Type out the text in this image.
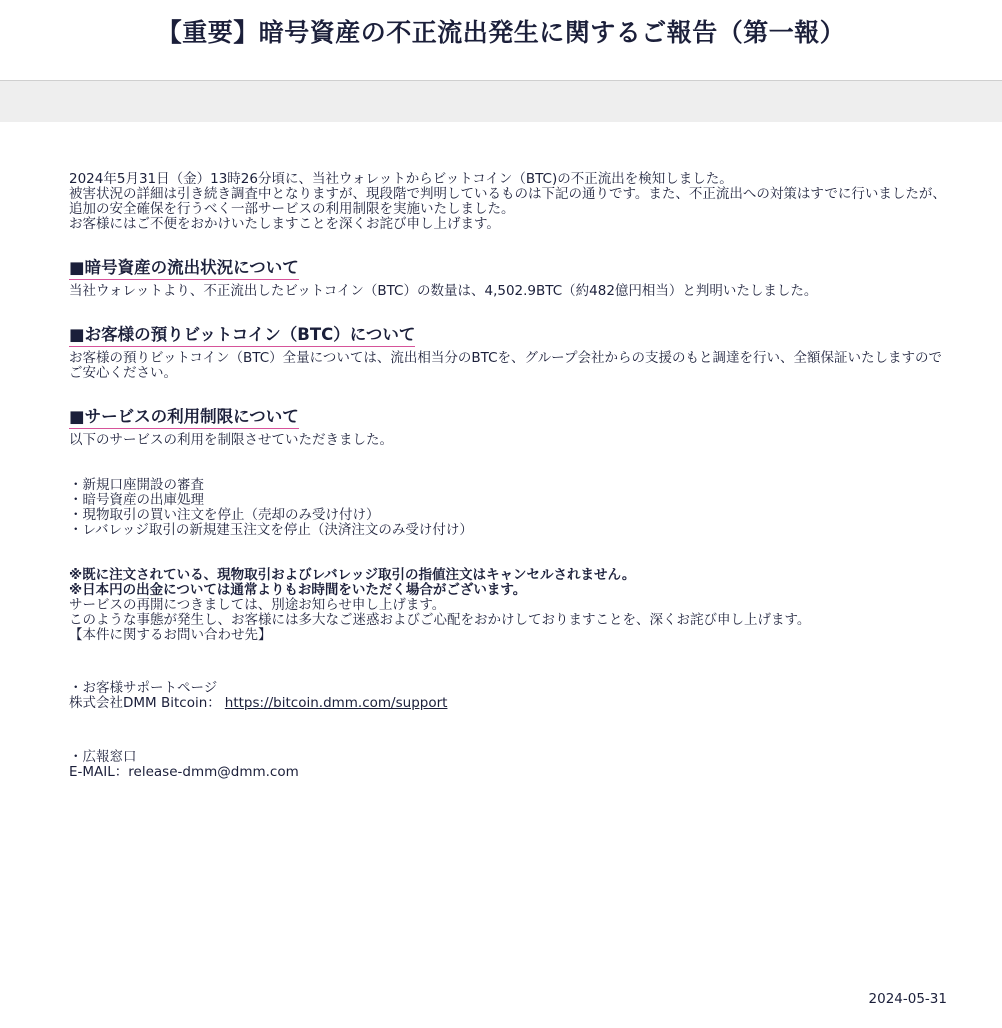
【重要】暗号資産の不正流出発生に関するご報告（第一報）

2024年5月31日（金）13時26分頃に、当社ウォレットからビットコイン（BTC)の不正流出を検知しました。

被害状況の詳細は引き続き調査中となりますが、現段階で判明しているものは下記の通りです。また、不正流出への対策はすでに行いましたが、追加の安全確保を行うべく一部サービスの利用制限を実施いたしました。

お客様にはご不便をおかけいたしますことを深くお詫び申し上げます。

■暗号資産の流出状況について

当社ウォレットより、不正流出したビットコイン（BTC）の数量は、4,502.9BTC（約482億円相当）と判明いたしました。

■お客様の預りビットコイン（BTC）について

お客様の預りビットコイン（BTC）全量については、流出相当分のBTCを、グループ会社からの支援のもと調達を行い、全額保証いたしますのでご安心ください。

■サービスの利用制限について

以下のサービスの利用を制限させていただきました。

・新規口座開設の審査
・暗号資産の出庫処理
・現物取引の買い注文を停止（売却のみ受け付け）
・レバレッジ取引の新規建玉注文を停止（決済注文のみ受け付け）
※既に注文されている、現物取引およびレバレッジ取引の指値注文はキャンセルされません。
※日本円の出金については通常よりもお時間をいただく場合がございます。

サービスの再開につきましては、別途お知らせ申し上げます。

このような事態が発生し、お客様には多大なご迷惑およびご心配をおかけしておりますことを、深くお詫び申し上げます。

【本件に関するお問い合わせ先】

・お客様サポートページ
株式会社DMM Bitcoin： https://bitcoin.dmm.com/support
・広報窓口
E-MAIL：release-dmm@dmm.com
2024-05-31
